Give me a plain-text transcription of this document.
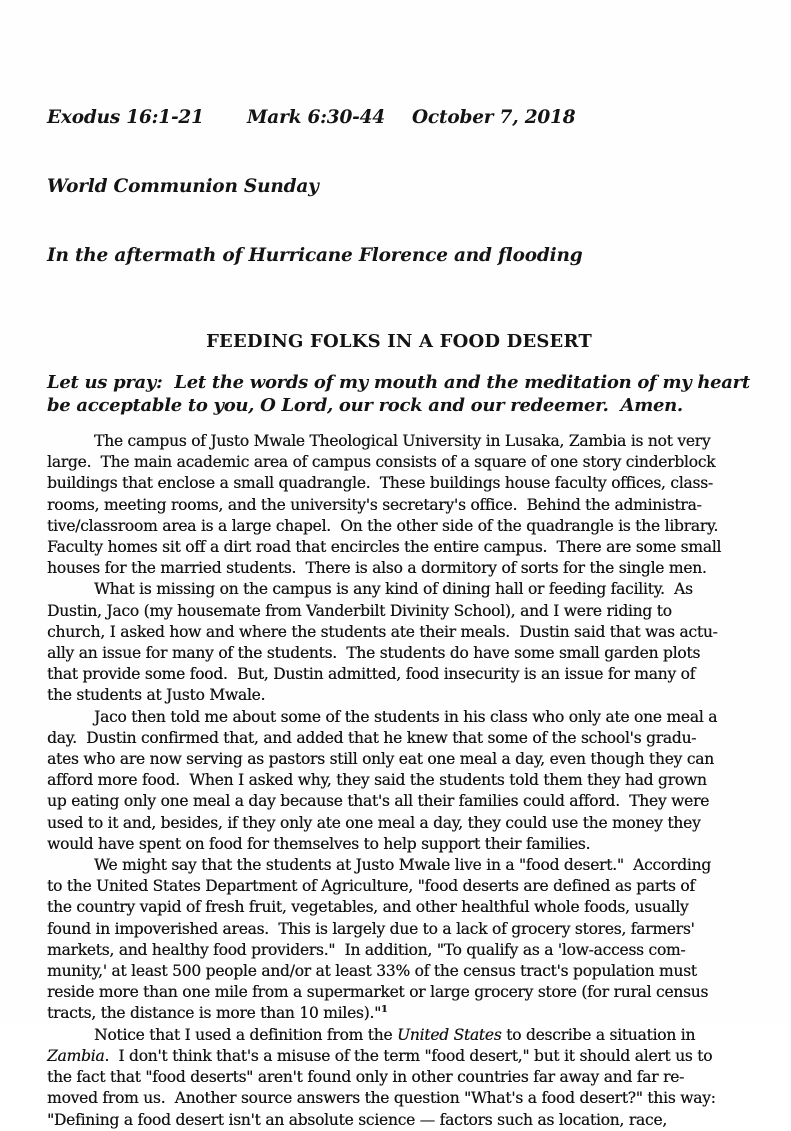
Exodus 16:1-21	Mark 6:30-44	October 7, 2018

World Communion Sunday

In the aftermath of Hurricane Florence and flooding

FEEDING FOLKS IN A FOOD DESERT
Let us pray:  Let the words of my mouth and the meditation of my heart
be acceptable to you, O Lord, our rock and our redeemer.  Amen.
The campus of Justo Mwale Theological University in Lusaka, Zambia is not very
large.  The main academic area of campus consists of a square of one story cinderblock
buildings that enclose a small quadrangle.  These buildings house faculty offices, class-
rooms, meeting rooms, and the university's secretary's office.  Behind the administra-
tive/classroom area is a large chapel.  On the other side of the quadrangle is the library.
Faculty homes sit off a dirt road that encircles the entire campus.  There are some small
houses for the married students.  There is also a dormitory of sorts for the single men.
What is missing on the campus is any kind of dining hall or feeding facility.  As
Dustin, Jaco (my housemate from Vanderbilt Divinity School), and I were riding to
church, I asked how and where the students ate their meals.  Dustin said that was actu-
ally an issue for many of the students.  The students do have some small garden plots
that provide some food.  But, Dustin admitted, food insecurity is an issue for many of
the students at Justo Mwale.
Jaco then told me about some of the students in his class who only ate one meal a
day.  Dustin confirmed that, and added that he knew that some of the school's gradu-
ates who are now serving as pastors still only eat one meal a day, even though they can
afford more food.  When I asked why, they said the students told them they had grown
up eating only one meal a day because that's all their families could afford.  They were
used to it and, besides, if they only ate one meal a day, they could use the money they
would have spent on food for themselves to help support their families.
We might say that the students at Justo Mwale live in a "food desert."  According
to the United States Department of Agriculture, "food deserts are defined as parts of
the country vapid of fresh fruit, vegetables, and other healthful whole foods, usually
found in impoverished areas.  This is largely due to a lack of grocery stores, farmers'
markets, and healthy food providers."  In addition, "To qualify as a 'low-access com-
munity,' at least 500 people and/or at least 33% of the census tract's population must
reside more than one mile from a supermarket or large grocery store (for rural census
tracts, the distance is more than 10 miles)."$^1$
Notice that I used a definition from the United States to describe a situation in
Zambia.  I don't think that's a misuse of the term "food desert," but it should alert us to
the fact that "food deserts" aren't found only in other countries far away and far re-
moved from us.  Another source answers the question "What's a food desert?" this way:
"Defining a food desert isn't an absolute science — factors such as location, race,
